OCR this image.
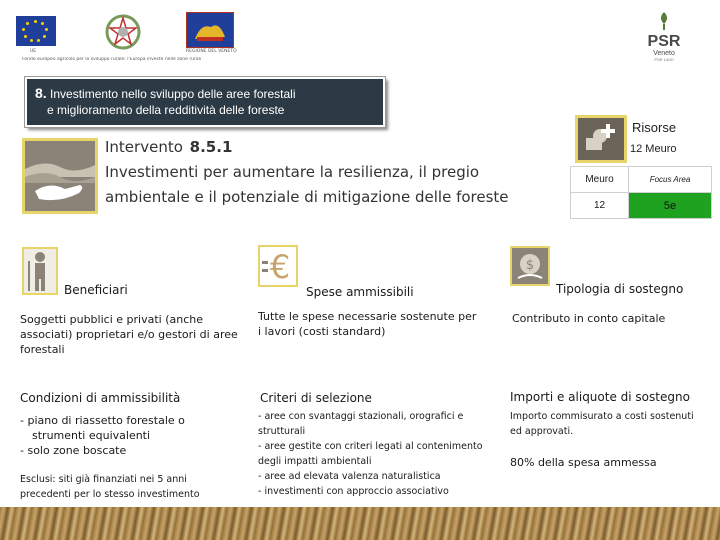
UE
Fondo europeo agricolo per lo sviluppo rurale: l'Europa investe nelle zone rurali
REGIONE DEL VENETO
PSR
Veneto
PSR 14/20
8. Investimento nello sviluppo delle aree forestali
e miglioramento della redditività delle foreste
Intervento 8.5.1
Investimenti per aumentare la resilienza, il pregio
ambientale e il potenziale di mitigazione delle foreste
Risorse
12 Meuro
Meuro	Focus Area
12	5e
Beneficiari
Soggetti pubblici e privati (anche associati) proprietari e/o gestori di aree forestali
€
Spese ammissibili
Tutte le spese necessarie sostenute per i lavori (costi standard)
$
Tipologia di sostegno
Contributo in conto capitale
Condizioni di ammissibilità
- piano di riassetto forestale o
strumenti equivalenti
- solo zone boscate
Esclusi: siti già finanziati nei 5 anni
precedenti per lo stesso investimento
Criteri di selezione
- aree con svantaggi stazionali, orografici e
strutturali
- aree gestite con criteri legati al contenimento
degli impatti ambientali
- aree ad elevata valenza naturalistica
- investimenti con approccio associativo
Importi e aliquote di sostegno
Importo commisurato a costi sostenuti
ed approvati.
80% della spesa ammessa
